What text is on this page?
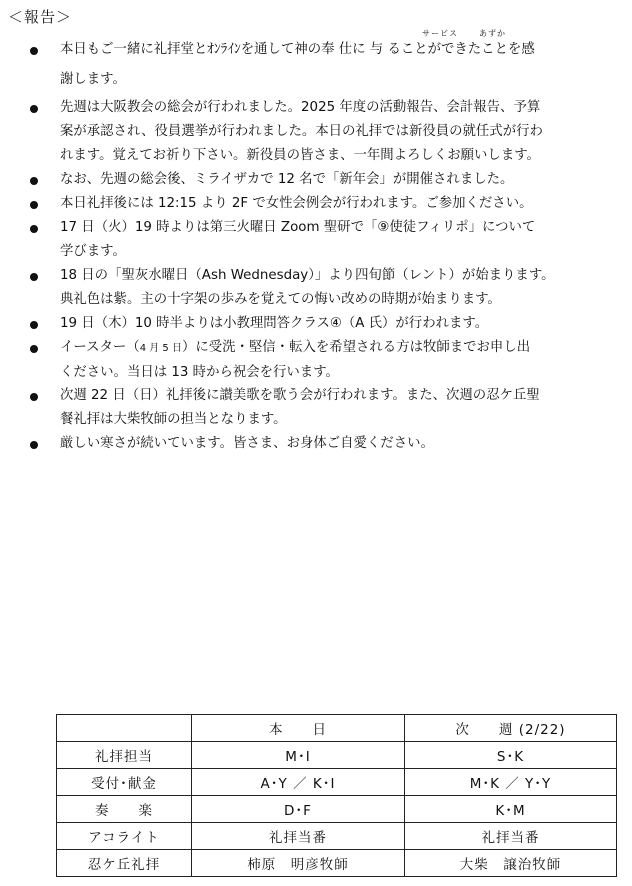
＜報告＞
サービス	あずか
本日もご一緒に礼拝堂とｵﾝﾗｲﾝを通して神の奉 仕に 与 ることができたことを感
謝します。
先週は大阪教会の総会が行われました。2025 年度の活動報告、会計報告、予算
案が承認され、役員選挙が行われました。本日の礼拝では新役員の就任式が行わ
れます。覚えてお祈り下さい。新役員の皆さま、一年間よろしくお願いします。
なお、先週の総会後、ミライザカで 12 名で「新年会」が開催されました。
本日礼拝後には 12:15 より 2F で女性会例会が行われます。ご参加ください。
17 日（火）19 時よりは第三火曜日 Zoom 聖研で「⑨使徒フィリポ」について
学びます。
18 日の「聖灰水曜日（Ash Wednesday）」より四旬節（レント）が始まります。
典礼色は紫。主の十字架の歩みを覚えての悔い改めの時期が始まります。
19 日（木）10 時半よりは小教理問答クラス④（A 氏）が行われます。
イースター（4 月 5 日）に受洗・堅信・転入を希望される方は牧師までお申し出
ください。当日は 13 時から祝会を行います。
次週 22 日（日）礼拝後に讃美歌を歌う会が行われます。また、次週の忍ケ丘聖
餐礼拝は大柴牧師の担当となります。
厳しい寒さが続いています。皆さま、お身体ご自愛ください。
	本　　日	次　　週 (2/22)
礼拝担当	M･I	S･K
受付･献金	A･Y ／ K･I	M･K ／ Y･Y
奏　　楽	D･F	K･M
アコライト	礼拝当番	礼拝当番
忍ケ丘礼拝	柿原　明彦牧師	大柴　譲治牧師
